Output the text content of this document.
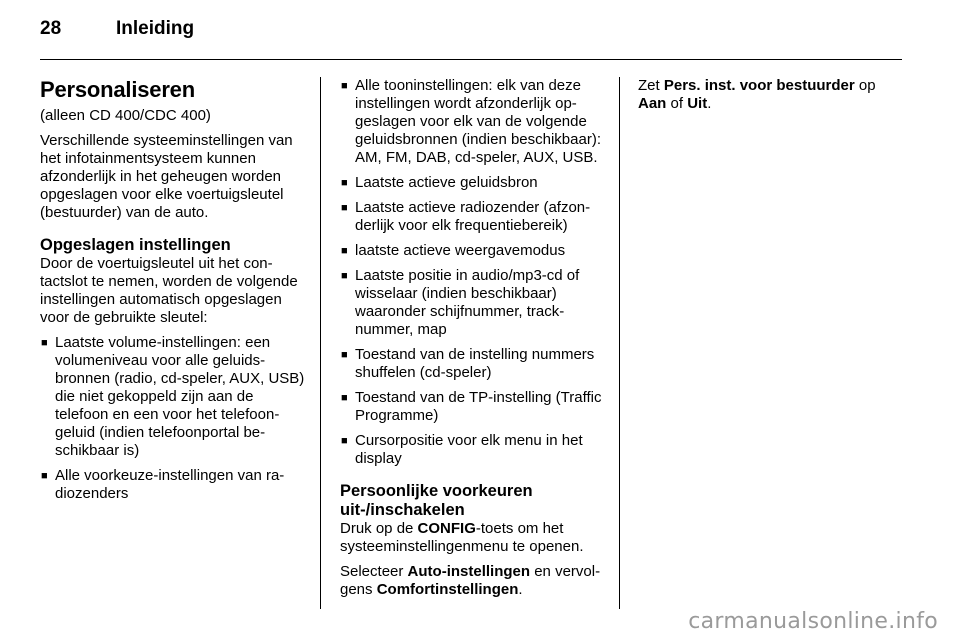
28	Inleiding
Personaliseren

(alleen CD 400/CDC 400)

Verschillende systeeminstellingen van het infotainmentsysteem kunnen afzonderlijk in het geheugen worden opgeslagen voor elke voertuigsleutel (bestuurder) van de auto.

Opgeslagen instellingen

Door de voertuigsleutel uit het contactslot te nemen, worden de volgende instellingen automatisch opgeslagen voor de gebruikte sleutel:

■ Laatste volume-instellingen: een volumeniveau voor alle geluidsbronnen (radio, cd-speler, AUX, USB) die niet gekoppeld zijn aan de telefoon en een voor het telefoongeluid (indien telefoonportal beschikbaar is)
■ Alle voorkeuze-instellingen van radiozenders
■ Alle tooninstellingen: elk van deze instellingen wordt afzonderlijk opgeslagen voor elk van de volgende geluidsbronnen (indien beschikbaar): AM, FM, DAB, cd-speler, AUX, USB.
■ Laatste actieve geluidsbron
■ Laatste actieve radiozender (afzonderlijk voor elk frequentiebereik)
■ laatste actieve weergavemodus
■ Laatste positie in audio/mp3-cd of wisselaar (indien beschikbaar) waaronder schijfnummer, tracknummer, map
■ Toestand van de instelling nummers shuffelen (cd-speler)
■ Toestand van de TP-instelling (Traffic Programme)
■ Cursorpositie voor elk menu in het display
Persoonlijke voorkeuren
uit-/inschakelen

Druk op de CONFIG-toets om het systeeminstellingenmenu te openen.

Selecteer Auto-instellingen en vervolgens Comfortinstellingen.

Zet Pers. inst. voor bestuurder op Aan of Uit.

carmanualsonline.info
